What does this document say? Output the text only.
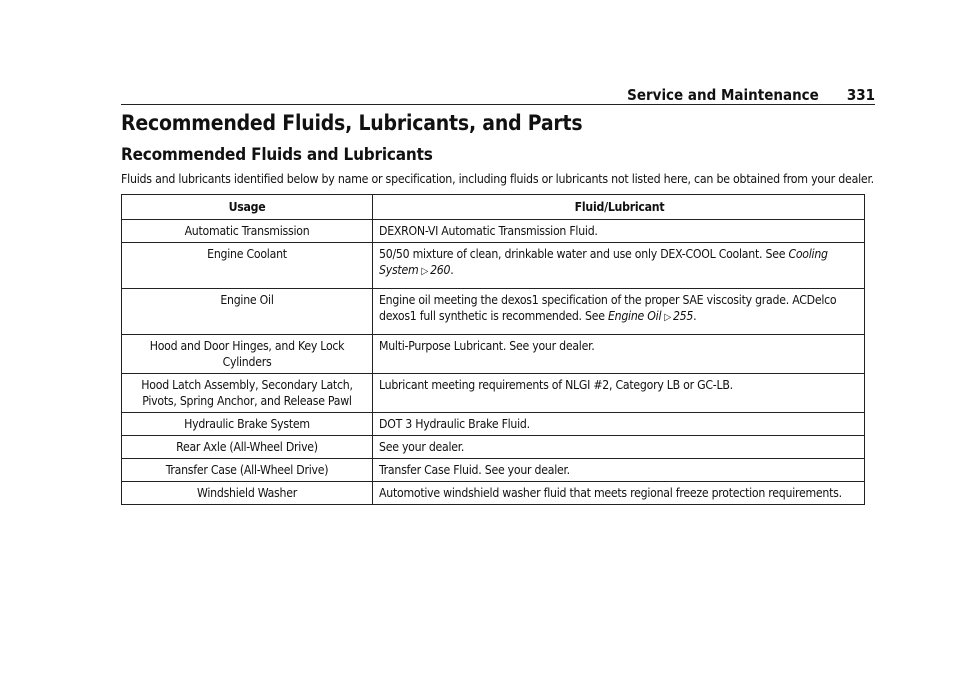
Service and Maintenance 331
Recommended Fluids, Lubricants, and Parts
Recommended Fluids and Lubricants

Fluids and lubricants identified below by name or specification, including fluids or lubricants not listed here, can be obtained from your dealer.

Usage	Fluid/Lubricant
Automatic Transmission	DEXRON-VI Automatic Transmission Fluid.
Engine Coolant	50/50 mixture of clean, drinkable water and use only DEX-COOL Coolant. See Cooling System ▷ 260.
Engine Oil	Engine oil meeting the dexos1 specification of the proper SAE viscosity grade. ACDelco dexos1 full synthetic is recommended. See Engine Oil ▷ 255.
Hood and Door Hinges, and Key Lock Cylinders	Multi-Purpose Lubricant. See your dealer.
Hood Latch Assembly, Secondary Latch, Pivots, Spring Anchor, and Release Pawl	Lubricant meeting requirements of NLGI #2, Category LB or GC-LB.
Hydraulic Brake System	DOT 3 Hydraulic Brake Fluid.
Rear Axle (All-Wheel Drive)	See your dealer.
Transfer Case (All-Wheel Drive)	Transfer Case Fluid. See your dealer.
Windshield Washer	Automotive windshield washer fluid that meets regional freeze protection requirements.
